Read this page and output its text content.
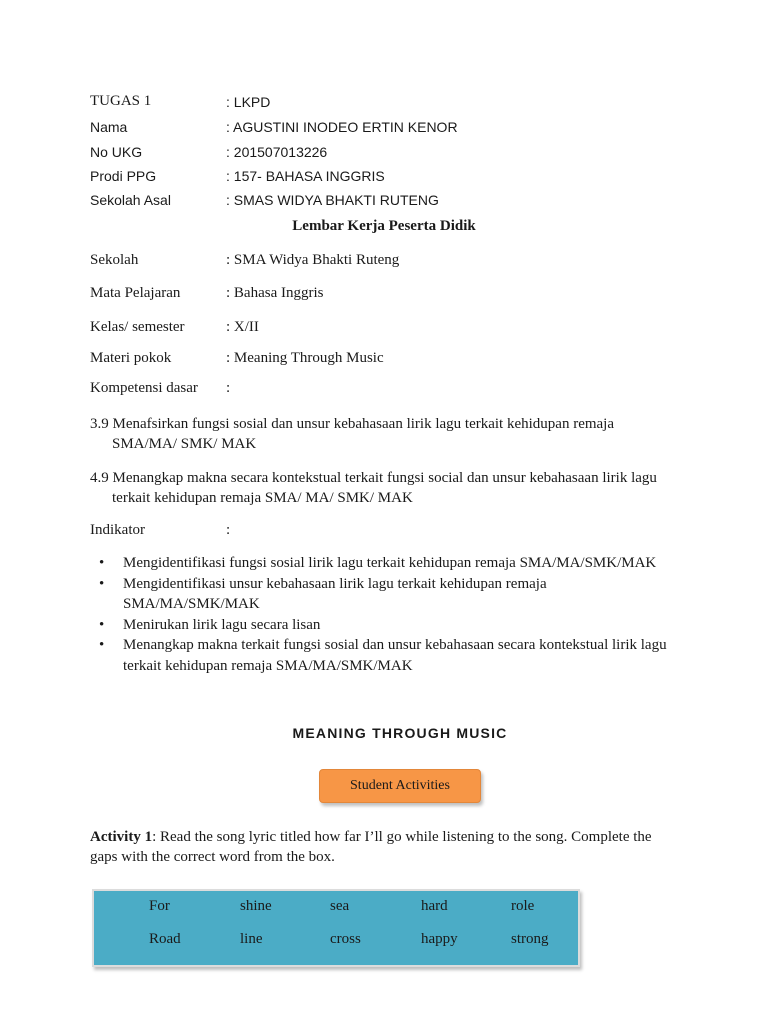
TUGAS 1	: LKPD
Nama	: AGUSTINI INODEO ERTIN KENOR
No UKG	: 201507013226
Prodi PPG	: 157- BAHASA INGGRIS
Sekolah Asal	: SMAS WIDYA BHAKTI RUTENG
Lembar Kerja Peserta Didik
Sekolah	: SMA Widya Bhakti Ruteng
Mata Pelajaran	: Bahasa Inggris
Kelas/ semester	: X/II
Materi pokok	: Meaning Through Music
Kompetensi dasar :
3.9 Menafsirkan fungsi sosial dan unsur kebahasaan lirik lagu terkait kehidupan remaja
SMA/MA/ SMK/ MAK
4.9 Menangkap makna secara kontekstual terkait fungsi social dan unsur kebahasaan lirik lagu
terkait kehidupan remaja SMA/ MA/ SMK/ MAK
Indikator	:
• Mengidentifikasi fungsi sosial lirik lagu terkait kehidupan remaja SMA/MA/SMK/MAK
• Mengidentifikasi unsur kebahasaan lirik lagu terkait kehidupan remaja
SMA/MA/SMK/MAK
• Menirukan lirik lagu secara lisan
• Menangkap makna terkait fungsi sosial dan unsur kebahasaan secara kontekstual lirik lagu
terkait kehidupan remaja SMA/MA/SMK/MAK
MEANING THROUGH MUSIC
Student Activities
Activity 1: Read the song lyric titled how far I’ll go while listening to the song. Complete the
gaps with the correct word from the box.
For	shine	sea	hard	role
Road	line	cross	happy	strong
